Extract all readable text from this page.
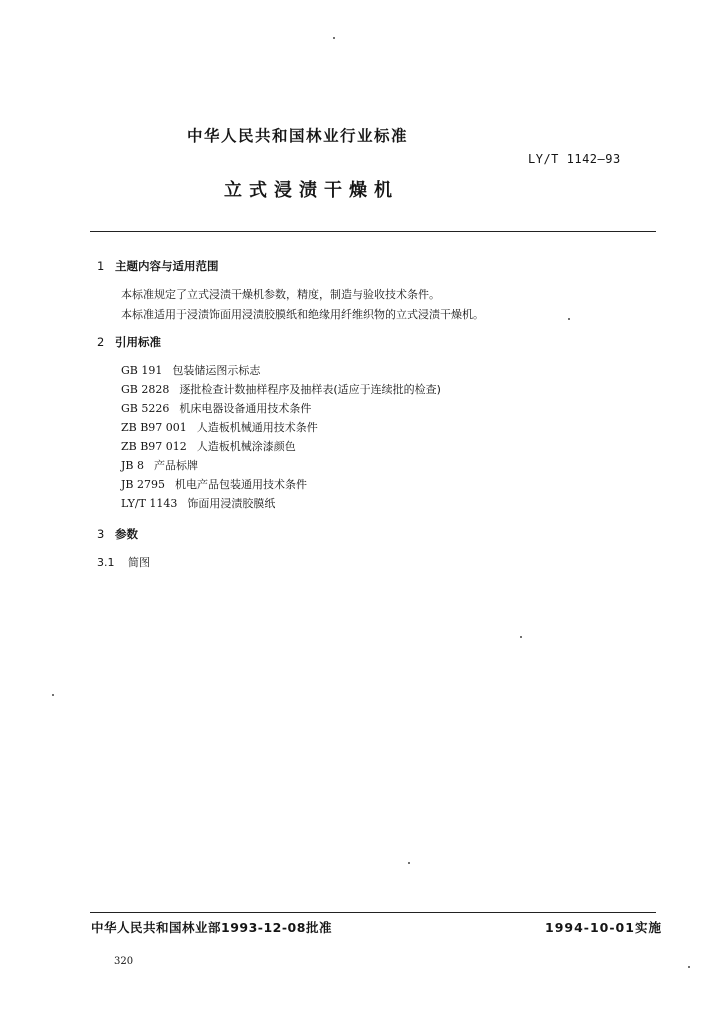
中华人民共和国林业行业标准
LY/T 1142—93
立式浸渍干燥机
1 主题内容与适用范围
本标准规定了立式浸渍干燥机参数，精度，制造与验收技术条件。
本标准适用于浸渍饰面用浸渍胶膜纸和绝缘用纤维织物的立式浸渍干燥机。
2 引用标准
GB 191 包装储运图示标志
GB 2828 逐批检查计数抽样程序及抽样表(适应于连续批的检查)
GB 5226 机床电器设备通用技术条件
ZB B97 001 人造板机械通用技术条件
ZB B97 012 人造板机械涂漆颜色
JB 8 产品标牌
JB 2795 机电产品包装通用技术条件
LY/T 1143 饰面用浸渍胶膜纸
3 参数
3.1 简图
中华人民共和国林业部1993-12-08批准	1994-10-01实施
320
